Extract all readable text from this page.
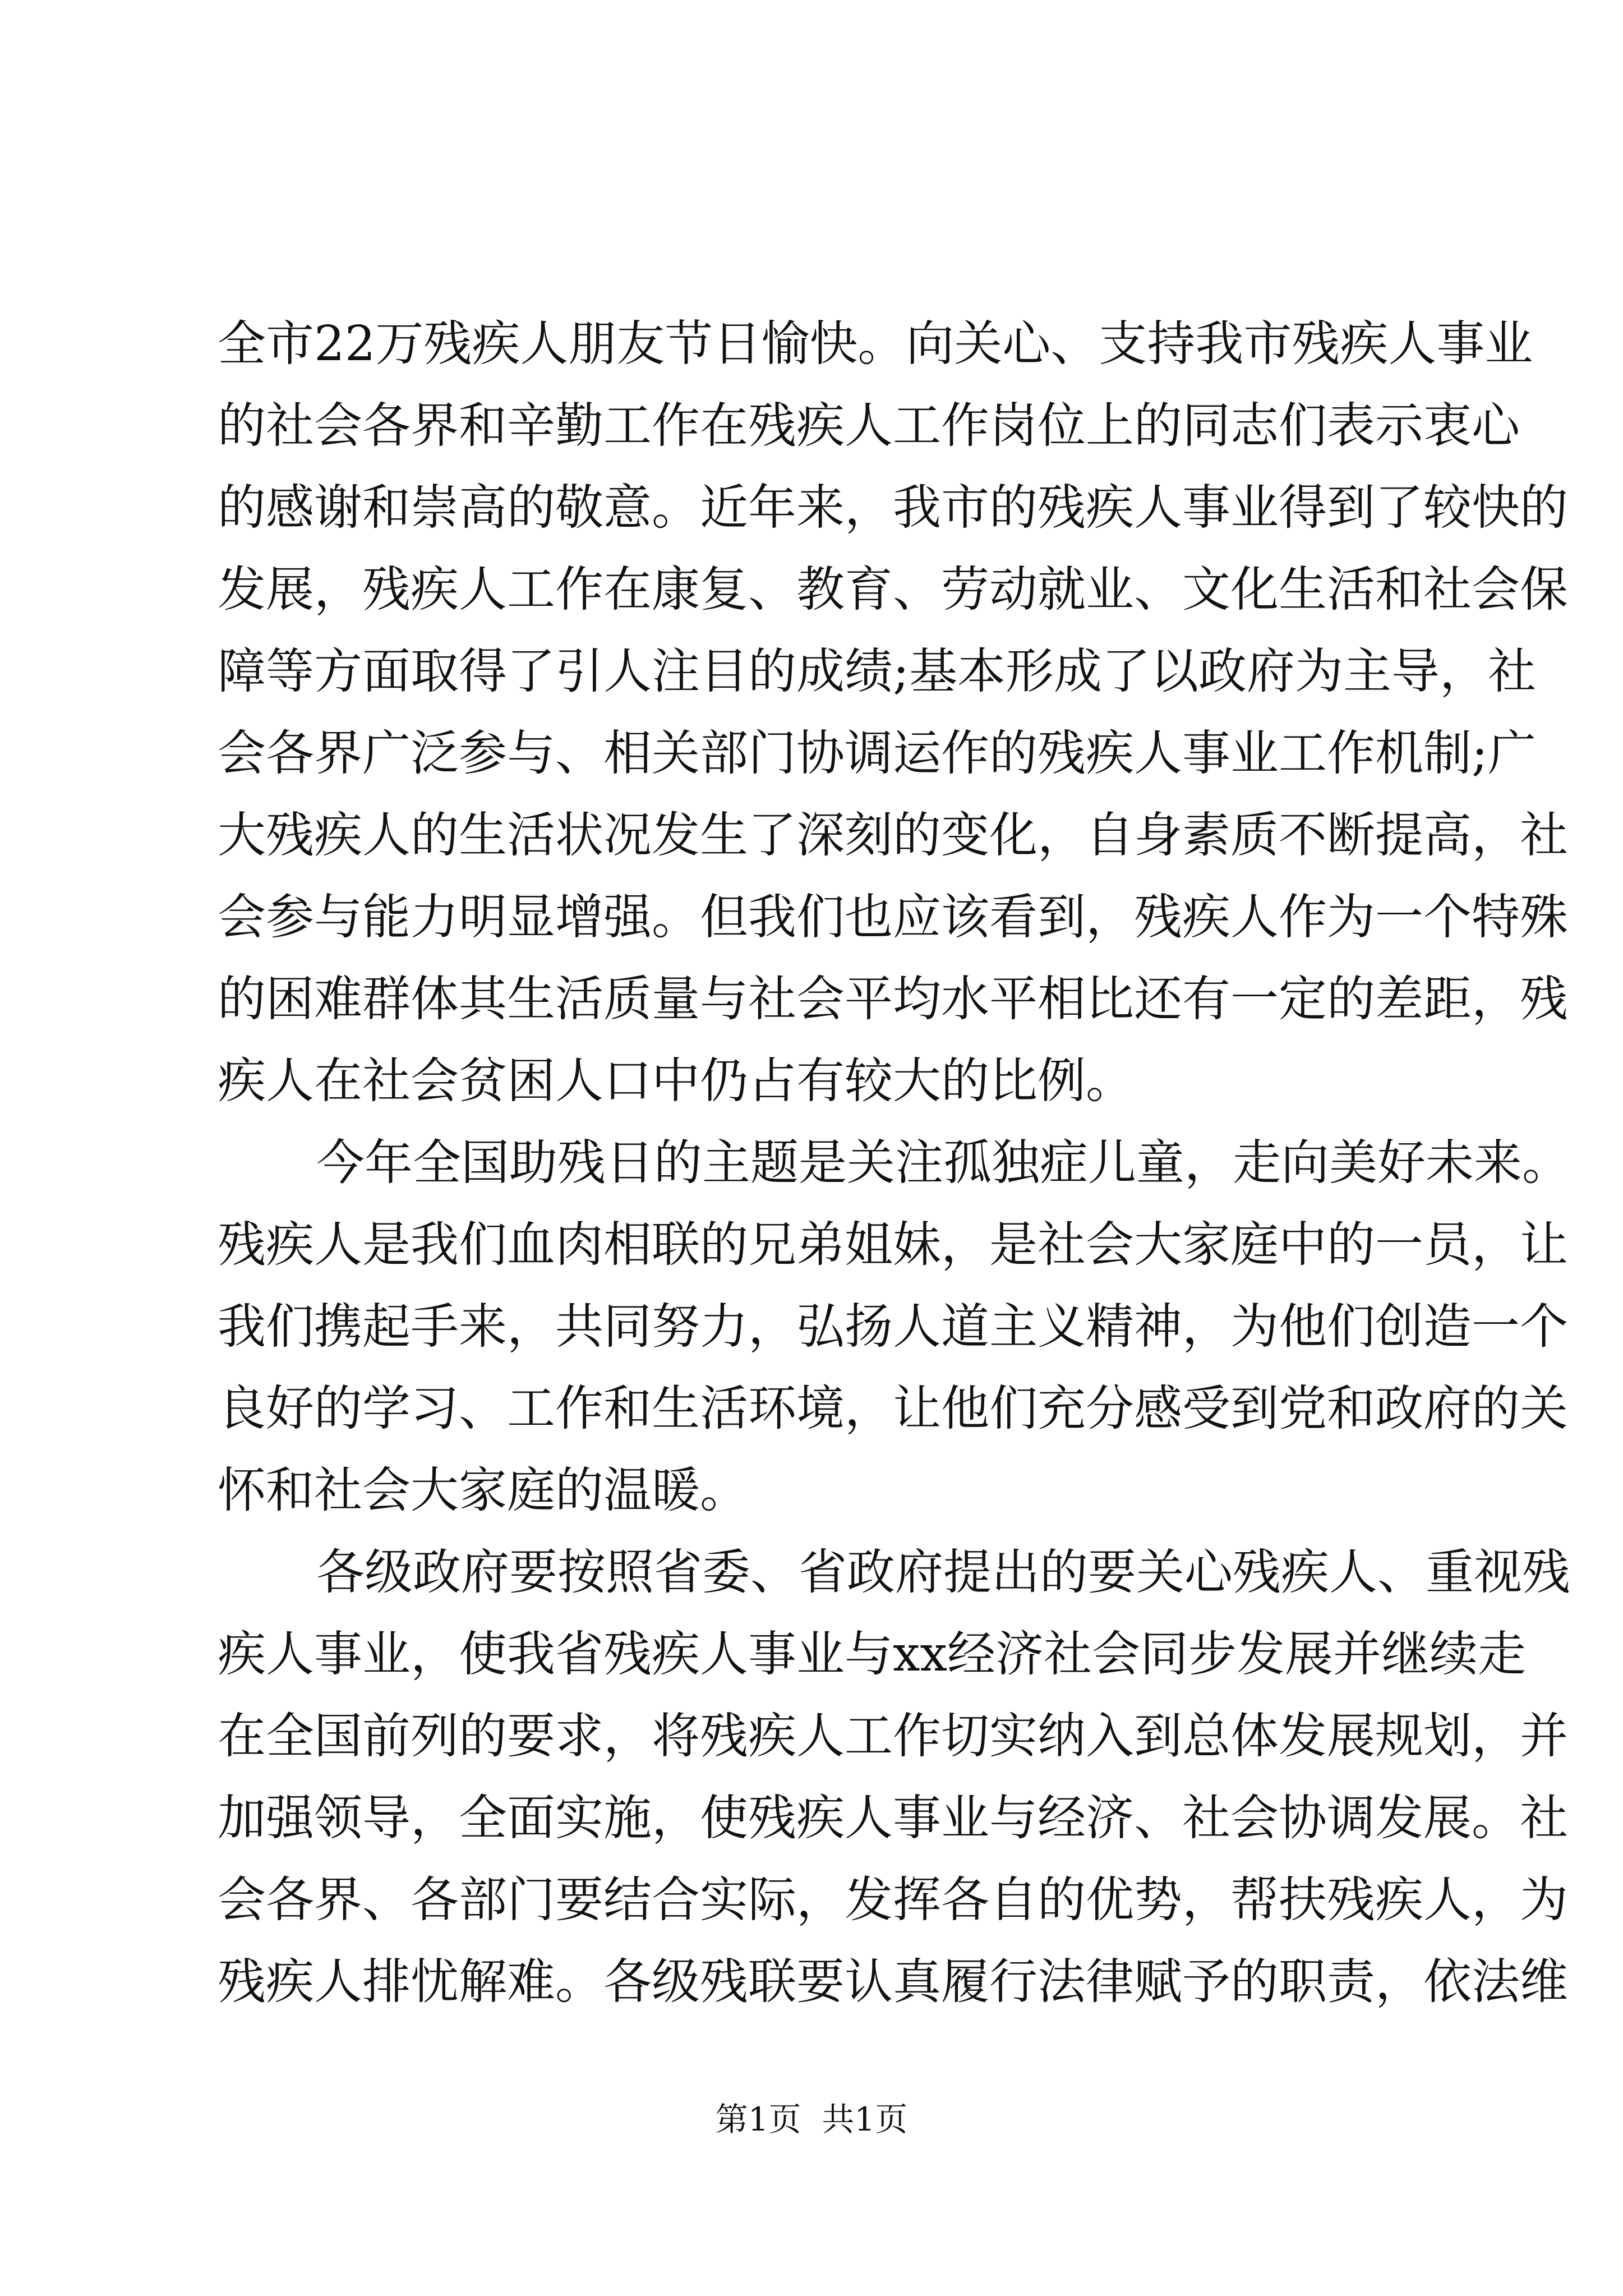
全市22万残疾人朋友节日愉快。向关心、支持我市残疾人事业
的社会各界和辛勤工作在残疾人工作岗位上的同志们表示衷心
的感谢和崇高的敬意。近年来，我市的残疾人事业得到了较快的
发展，残疾人工作在康复、教育、劳动就业、文化生活和社会保
障等方面取得了引人注目的成绩;基本形成了以政府为主导，社
会各界广泛参与、相关部门协调运作的残疾人事业工作机制;广
大残疾人的生活状况发生了深刻的变化，自身素质不断提高，社
会参与能力明显增强。但我们也应该看到，残疾人作为一个特殊
的困难群体其生活质量与社会平均水平相比还有一定的差距，残
疾人在社会贫困人口中仍占有较大的比例。
今年全国助残日的主题是关注孤独症儿童，走向美好未来。
残疾人是我们血肉相联的兄弟姐妹，是社会大家庭中的一员，让
我们携起手来，共同努力，弘扬人道主义精神，为他们创造一个
良好的学习、工作和生活环境，让他们充分感受到党和政府的关
怀和社会大家庭的温暖。
各级政府要按照省委、省政府提出的要关心残疾人、重视残
疾人事业，使我省残疾人事业与xx经济社会同步发展并继续走
在全国前列的要求，将残疾人工作切实纳入到总体发展规划，并
加强领导，全面实施，使残疾人事业与经济、社会协调发展。社
会各界、各部门要结合实际，发挥各自的优势，帮扶残疾人，为
残疾人排忧解难。各级残联要认真履行法律赋予的职责，依法维
第1页  共1页
